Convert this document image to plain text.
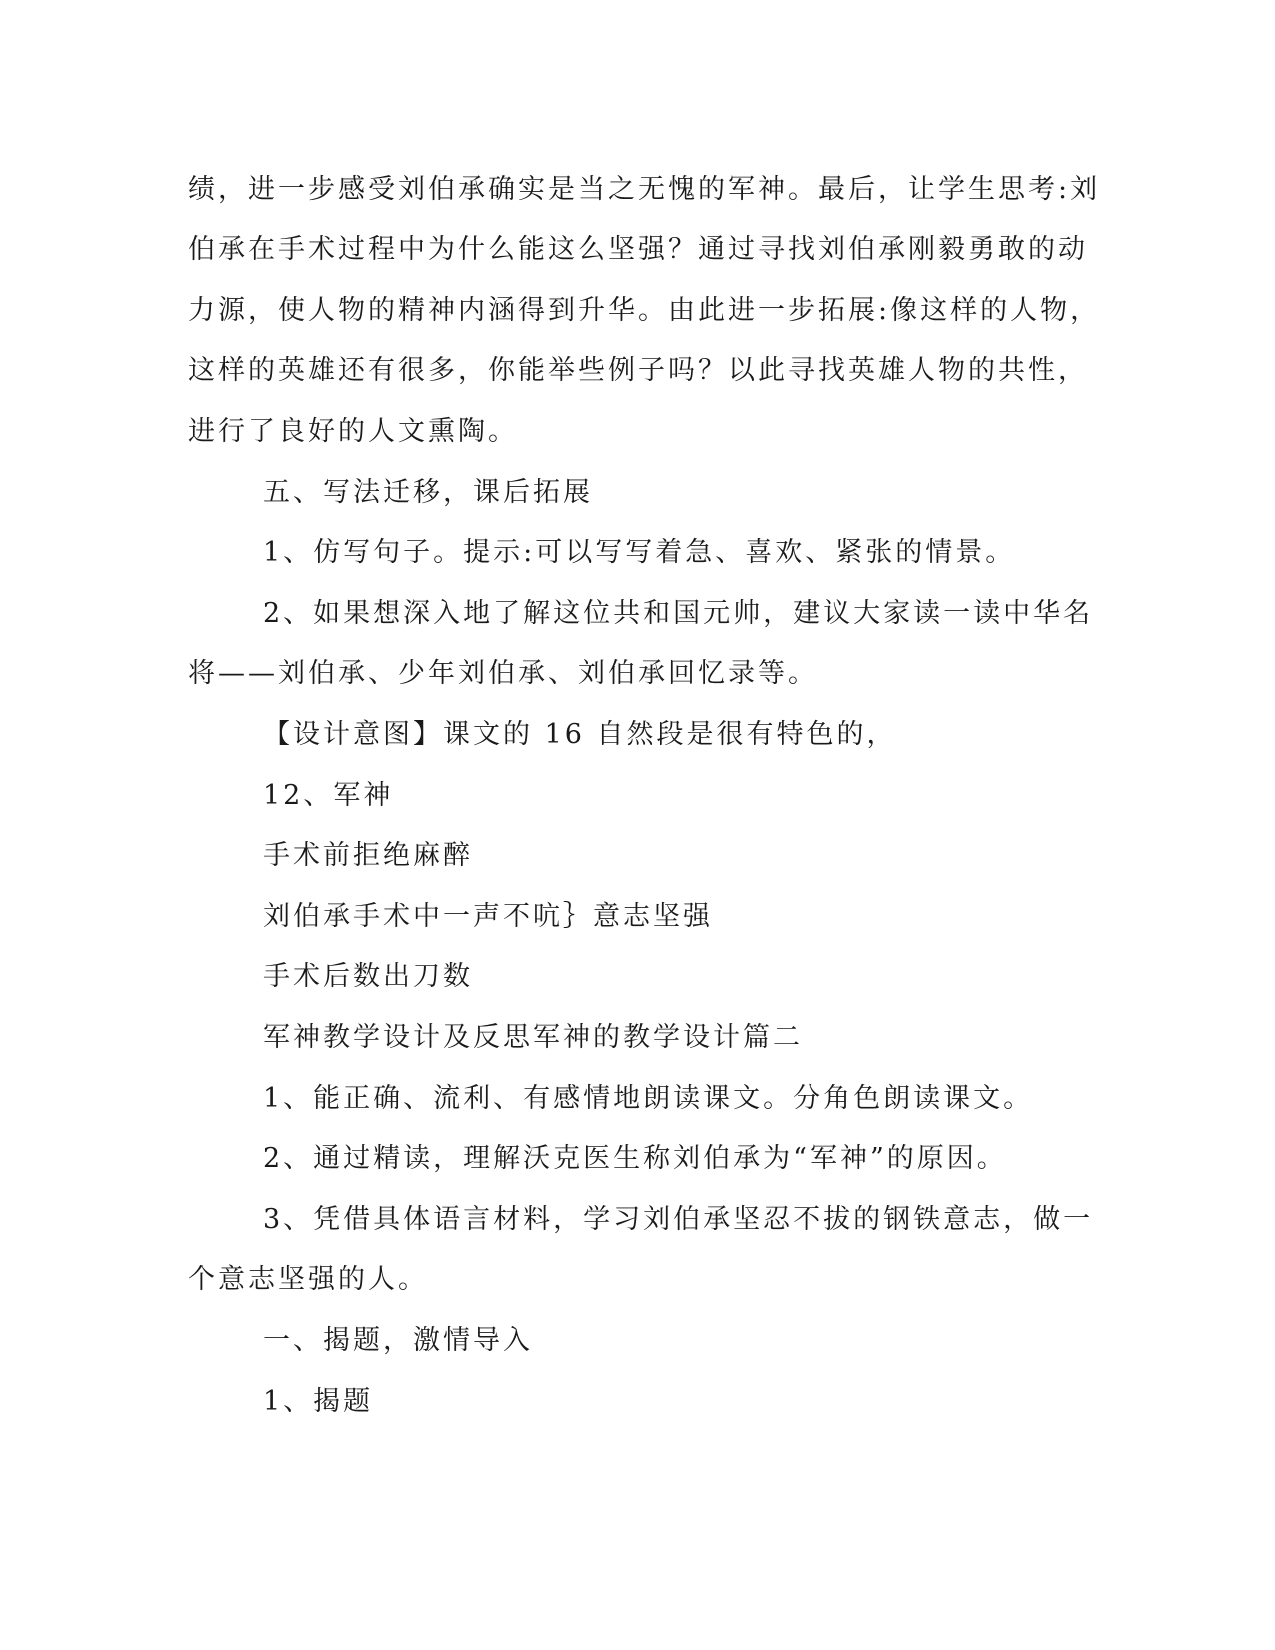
绩，进一步感受刘伯承确实是当之无愧的军神。最后，让学生思考:刘
伯承在手术过程中为什么能这么坚强？通过寻找刘伯承刚毅勇敢的动
力源，使人物的精神内涵得到升华。由此进一步拓展:像这样的人物，
这样的英雄还有很多，你能举些例子吗？以此寻找英雄人物的共性，
进行了良好的人文熏陶。
五、写法迁移，课后拓展
1、仿写句子。提示:可以写写着急、喜欢、紧张的情景。
2、如果想深入地了解这位共和国元帅，建议大家读一读中华名
将——刘伯承、少年刘伯承、刘伯承回忆录等。
【设计意图】课文的 16 自然段是很有特色的，
12、军神
手术前拒绝麻醉
刘伯承手术中一声不吭｝意志坚强
手术后数出刀数
军神教学设计及反思军神的教学设计篇二
1、能正确、流利、有感情地朗读课文。分角色朗读课文。
2、通过精读，理解沃克医生称刘伯承为“军神”的原因。
3、凭借具体语言材料，学习刘伯承坚忍不拔的钢铁意志，做一
个意志坚强的人。
一、揭题，激情导入
1、揭题
